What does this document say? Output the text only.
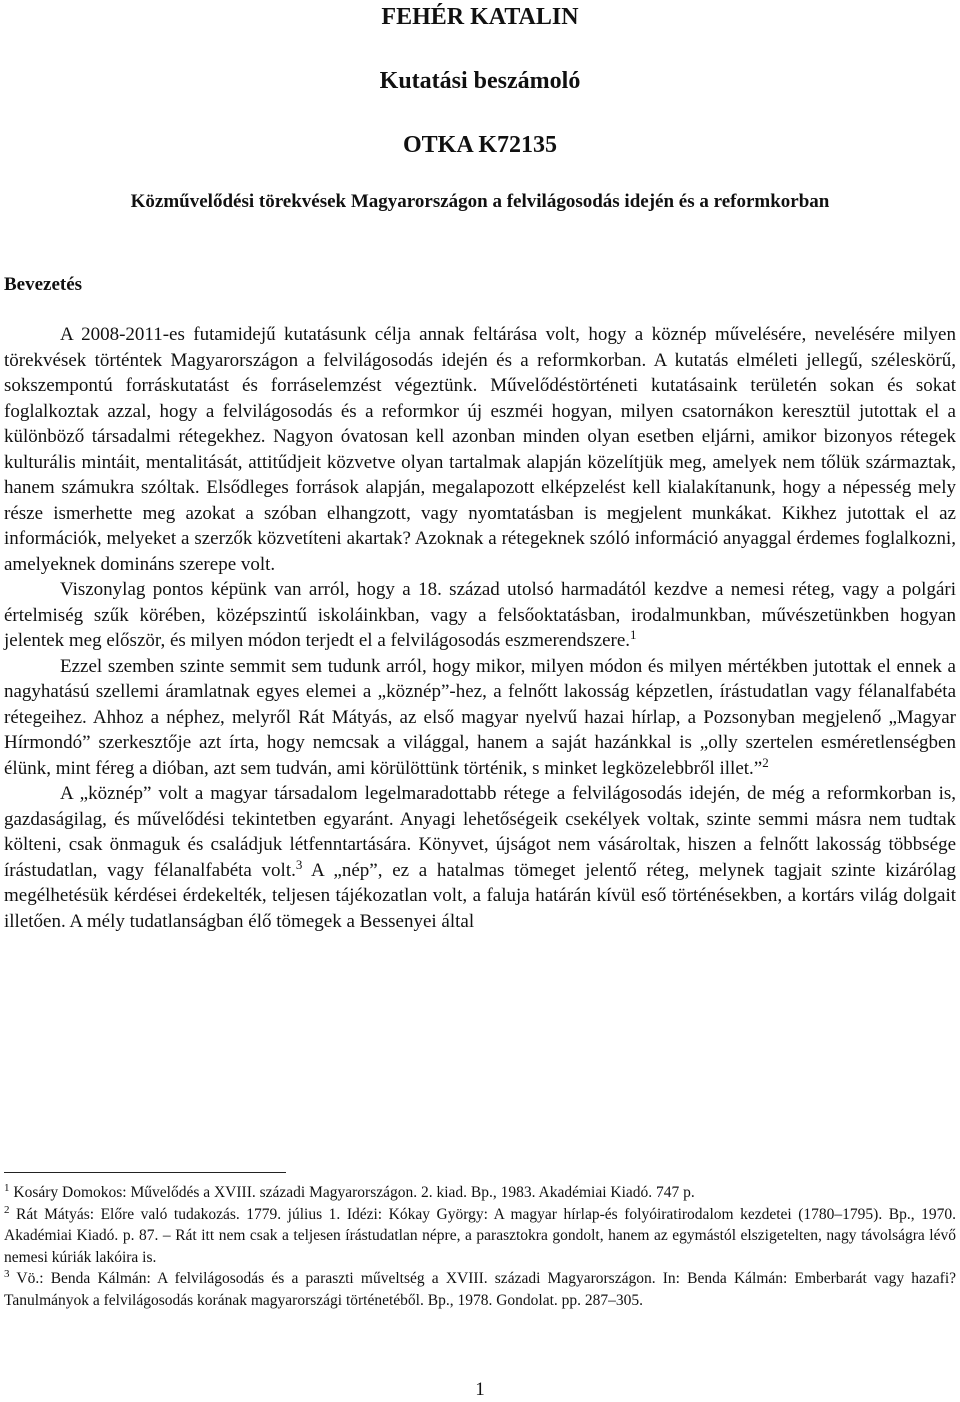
FEHÉR KATALIN
Kutatási beszámoló
OTKA K72135
Közművelődési törekvések Magyarországon a felvilágosodás idején és a reformkorban
Bevezetés

A 2008-2011-es futamidejű kutatásunk célja annak feltárása volt, hogy a köznép művelésére, nevelésére milyen törekvések történtek Magyarországon a felvilágosodás idején és a reformkorban. A kutatás elméleti jellegű, széleskörű, sokszempontú forráskutatást és forráselemzést végeztünk. Művelődéstörténeti kutatásaink területén sokan és sokat foglalkoztak azzal, hogy a felvilágosodás és a reformkor új eszméi hogyan, milyen csatornákon keresztül jutottak el a különböző társadalmi rétegekhez. Nagyon óvatosan kell azonban minden olyan esetben eljárni, amikor bizonyos rétegek kulturális mintáit, mentalitását, attitűdjeit közvetve olyan tartalmak alapján közelítjük meg, amelyek nem tőlük származtak, hanem számukra szóltak. Elsődleges források alapján, megalapozott elképzelést kell kialakítanunk, hogy a népesség mely része ismerhette meg azokat a szóban elhangzott, vagy nyomtatásban is megjelent munkákat. Kikhez jutottak el az információk, melyeket a szerzők közvetíteni akartak? Azoknak a rétegeknek szóló információ anyaggal érdemes foglalkozni, amelyeknek domináns szerepe volt.

Viszonylag pontos képünk van arról, hogy a 18. század utolsó harmadától kezdve a nemesi réteg, vagy a polgári értelmiség szűk körében, középszintű iskoláinkban, vagy a felsőoktatásban, irodalmunkban, művészetünkben hogyan jelentek meg először, és milyen módon terjedt el a felvilágosodás eszmerendszere.$^1$

Ezzel szemben szinte semmit sem tudunk arról, hogy mikor, milyen módon és milyen mértékben jutottak el ennek a nagyhatású szellemi áramlatnak egyes elemei a „köznép”-hez, a felnőtt lakosság képzetlen, írástudatlan vagy félanalfabéta rétegeihez. Ahhoz a néphez, melyről Rát Mátyás, az első magyar nyelvű hazai hírlap, a Pozsonyban megjelenő „Magyar Hírmondó” szerkesztője azt írta, hogy nemcsak a világgal, hanem a saját hazánkkal is „olly szertelen esméretlenségben élünk, mint féreg a dióban, azt sem tudván, ami körülöttünk történik, s minket legközelebbről illet.”$^2$

A „köznép” volt a magyar társadalom legelmaradottabb rétege a felvilágosodás idején, de még a reformkorban is, gazdaságilag, és művelődési tekintetben egyaránt. Anyagi lehetőségeik csekélyek voltak, szinte semmi másra nem tudtak költeni, csak önmaguk és családjuk létfenntartására. Könyvet, újságot nem vásároltak, hiszen a felnőtt lakosság többsége írástudatlan, vagy félanalfabéta volt.$^3$ A „nép”, ez a hatalmas tömeget jelentő réteg, melynek tagjait szinte kizárólag megélhetésük kérdései érdekelték, teljesen tájékozatlan volt, a faluja határán kívül eső történésekben, a kortárs világ dolgait illetően. A mély tudatlanságban élő tömegek a Bessenyei által

$^1$ Kosáry Domokos: Művelődés a XVIII. századi Magyarországon. 2. kiad. Bp., 1983. Akadémiai Kiadó. 747 p.

$^2$ Rát Mátyás: Előre való tudakozás. 1779. július 1. Idézi: Kókay György: A magyar hírlap-és folyóiratirodalom kezdetei (1780–1795). Bp., 1970. Akadémiai Kiadó. p. 87. – Rát itt nem csak a teljesen írástudatlan népre, a parasztokra gondolt, hanem az egymástól elszigetelten, nagy távolságra lévő nemesi kúriák lakóira is.

$^3$ Vö.: Benda Kálmán: A felvilágosodás és a paraszti műveltség a XVIII. századi Magyarországon. In: Benda Kálmán: Emberbarát vagy hazafi? Tanulmányok a felvilágosodás korának magyarországi történetéből. Bp., 1978. Gondolat. pp. 287–305.

1
